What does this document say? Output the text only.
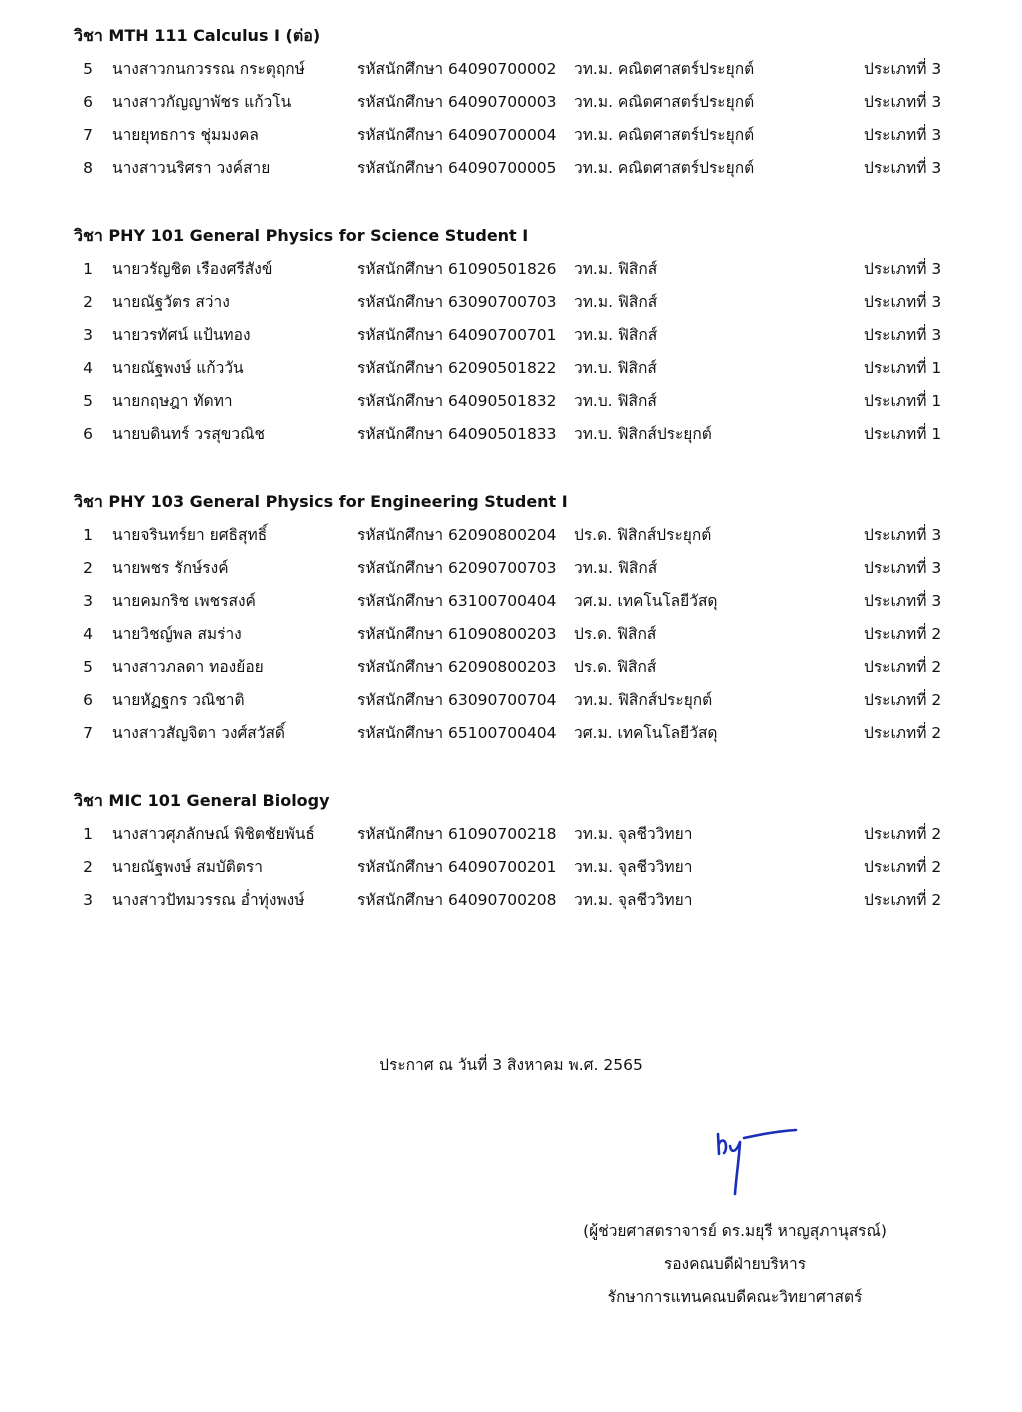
วิชา MTH 111 Calculus I (ต่อ)
5	นางสาวกนกวรรณ กระตุฤกษ์	รหัสนักศึกษา 64090700002 วท.ม. คณิตศาสตร์ประยุกต์	ประเภทที่ 3
6	นางสาวกัญญาพัชร แก้วโน	รหัสนักศึกษา 64090700003 วท.ม. คณิตศาสตร์ประยุกต์	ประเภทที่ 3
7	นายยุทธการ ชุ่มมงคล	รหัสนักศึกษา 64090700004 วท.ม. คณิตศาสตร์ประยุกต์	ประเภทที่ 3
8	นางสาวนริศรา วงค์สาย	รหัสนักศึกษา 64090700005 วท.ม. คณิตศาสตร์ประยุกต์	ประเภทที่ 3
วิชา PHY 101 General Physics for Science Student I
1	นายวรัญชิต เรืองศรีสังข์	รหัสนักศึกษา 61090501826 วท.ม. ฟิสิกส์	ประเภทที่ 3
2	นายณัฐวัตร สว่าง	รหัสนักศึกษา 63090700703 วท.ม. ฟิสิกส์	ประเภทที่ 3
3	นายวรทัศน์ แป้นทอง	รหัสนักศึกษา 64090700701 วท.ม. ฟิสิกส์	ประเภทที่ 3
4	นายณัฐพงษ์ แก้ววัน	รหัสนักศึกษา 62090501822 วท.บ. ฟิสิกส์	ประเภทที่ 1
5	นายกฤษฎา ทัดทา	รหัสนักศึกษา 64090501832 วท.บ. ฟิสิกส์	ประเภทที่ 1
6	นายบดินทร์ วรสุขวณิช	รหัสนักศึกษา 64090501833 วท.บ. ฟิสิกส์ประยุกต์	ประเภทที่ 1
วิชา PHY 103 General Physics for Engineering Student I
1	นายจรินทร์ยา ยศธิสุทธิ์	รหัสนักศึกษา 62090800204 ปร.ด. ฟิสิกส์ประยุกต์	ประเภทที่ 3
2	นายพชร รักษ์รงค์	รหัสนักศึกษา 62090700703 วท.ม. ฟิสิกส์	ประเภทที่ 3
3	นายคมกริช เพชรสงค์	รหัสนักศึกษา 63100700404 วศ.ม. เทคโนโลยีวัสดุ	ประเภทที่ 3
4	นายวิชญ์พล สมร่าง	รหัสนักศึกษา 61090800203 ปร.ด. ฟิสิกส์	ประเภทที่ 2
5	นางสาวภลดา ทองย้อย	รหัสนักศึกษา 62090800203 ปร.ด. ฟิสิกส์	ประเภทที่ 2
6	นายหัฏฐกร วณิชาติ	รหัสนักศึกษา 63090700704 วท.ม. ฟิสิกส์ประยุกต์	ประเภทที่ 2
7	นางสาวสัญจิตา วงศ์สวัสดิ์	รหัสนักศึกษา 65100700404 วศ.ม. เทคโนโลยีวัสดุ	ประเภทที่ 2
วิชา MIC 101 General Biology
1	นางสาวศุภลักษณ์ พิชิตชัยพันธ์	รหัสนักศึกษา 61090700218 วท.ม. จุลชีววิทยา	ประเภทที่ 2
2	นายณัฐพงษ์ สมบัติตรา	รหัสนักศึกษา 64090700201 วท.ม. จุลชีววิทยา	ประเภทที่ 2
3	นางสาวปัทมวรรณ อ่ำทุ่งพงษ์	รหัสนักศึกษา 64090700208 วท.ม. จุลชีววิทยา	ประเภทที่ 2
ประกาศ ณ วันที่ 3 สิงหาคม พ.ศ. 2565
(ผู้ช่วยศาสตราจารย์ ดร.มยุรี หาญสุภานุสรณ์)
รองคณบดีฝ่ายบริหาร
รักษาการแทนคณบดีคณะวิทยาศาสตร์
